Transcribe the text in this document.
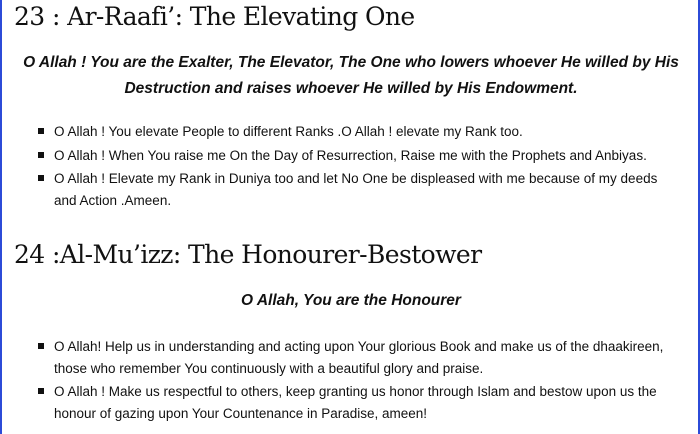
23 : Ar-Raafi’: The Elevating One

O Allah ! You are the Exalter, The Elevator, The One who lowers whoever He willed by His Destruction and raises whoever He willed by His Endowment.

O Allah ! You elevate People to different Ranks .O Allah ! elevate my Rank too.
O Allah ! When You raise me On the Day of Resurrection, Raise me with the Prophets and Anbiyas.
O Allah ! Elevate my Rank in Duniya too and let No One be displeased with me because of my deeds and Action .Ameen.
24 :Al-Mu’izz: The Honourer-Bestower

O Allah, You are the Honourer

O Allah! Help us in understanding and acting upon Your glorious Book and make us of the dhaakireen, those who remember You continuously with a beautiful glory and praise.
O Allah ! Make us respectful to others, keep granting us honor through Islam and bestow upon us the honour of gazing upon Your Countenance in Paradise, ameen!
